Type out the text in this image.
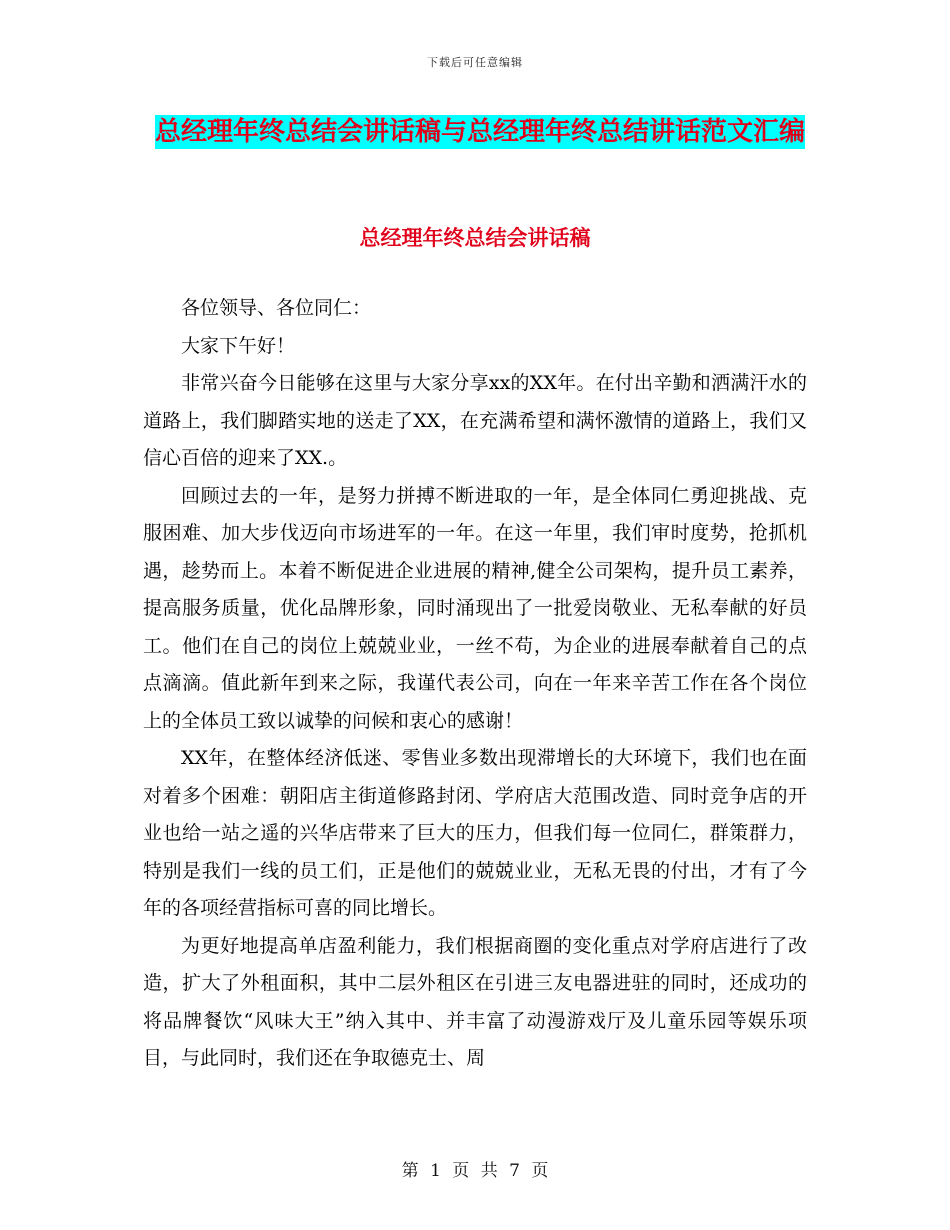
下载后可任意编辑
总经理年终总结会讲话稿与总经理年终总结讲话范文汇编
总经理年终总结会讲话稿

各位领导、各位同仁：

大家下午好！

非常兴奋今日能够在这里与大家分享xx的XX年。在付出辛勤和洒满汗水的道路上，我们脚踏实地的送走了XX，在充满希望和满怀激情的道路上，我们又信心百倍的迎来了XX.。

回顾过去的一年，是努力拼搏不断进取的一年，是全体同仁勇迎挑战、克服困难、加大步伐迈向市场进军的一年。在这一年里，我们审时度势，抢抓机遇，趁势而上。本着不断促进企业进展的精神,健全公司架构，提升员工素养，提高服务质量，优化品牌形象，同时涌现出了一批爱岗敬业、无私奉献的好员工。他们在自己的岗位上兢兢业业，一丝不苟，为企业的进展奉献着自己的点点滴滴。值此新年到来之际，我谨代表公司，向在一年来辛苦工作在各个岗位上的全体员工致以诚挚的问候和衷心的感谢！

XX年，在整体经济低迷、零售业多数出现滞增长的大环境下，我们也在面对着多个困难：朝阳店主街道修路封闭、学府店大范围改造、同时竞争店的开业也给一站之遥的兴华店带来了巨大的压力，但我们每一位同仁，群策群力，特别是我们一线的员工们，正是他们的兢兢业业，无私无畏的付出，才有了今年的各项经营指标可喜的同比增长。

为更好地提高单店盈利能力，我们根据商圈的变化重点对学府店进行了改造，扩大了外租面积，其中二层外租区在引进三友电器进驻的同时，还成功的将品牌餐饮“风味大王”纳入其中、并丰富了动漫游戏厅及儿童乐园等娱乐项目，与此同时，我们还在争取德克士、周

第 1 页 共 7 页
